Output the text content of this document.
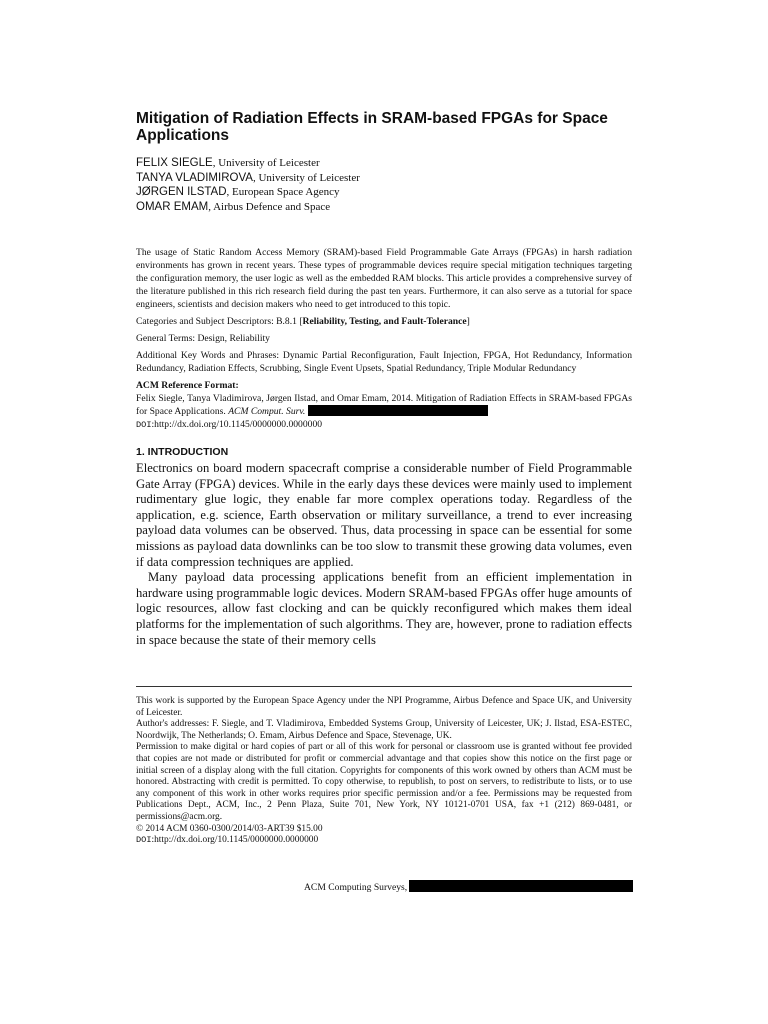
Mitigation of Radiation Effects in SRAM-based FPGAs for Space Applications
FELIX SIEGLE, University of Leicester
TANYA VLADIMIROVA, University of Leicester
JØRGEN ILSTAD, European Space Agency
OMAR EMAM, Airbus Defence and Space

The usage of Static Random Access Memory (SRAM)-based Field Programmable Gate Arrays (FPGAs) in harsh radiation environments has grown in recent years. These types of programmable devices require special mitigation techniques targeting the configuration memory, the user logic as well as the embedded RAM blocks. This article provides a comprehensive survey of the literature published in this rich research field during the past ten years. Furthermore, it can also serve as a tutorial for space engineers, scientists and decision makers who need to get introduced to this topic.

Categories and Subject Descriptors: B.8.1 [Reliability, Testing, and Fault-Tolerance]

General Terms: Design, Reliability

Additional Key Words and Phrases: Dynamic Partial Reconfiguration, Fault Injection, FPGA, Hot Redundancy, Information Redundancy, Radiation Effects, Scrubbing, Single Event Upsets, Spatial Redundancy, Triple Modular Redundancy

ACM Reference Format:

Felix Siegle, Tanya Vladimirova, Jørgen Ilstad, and Omar Emam, 2014. Mitigation of Radiation Effects in SRAM-based FPGAs for Space Applications. ACM Comput. Surv.

DOI:http://dx.doi.org/10.1145/0000000.0000000
1. INTRODUCTION

Electronics on board modern spacecraft comprise a considerable number of Field Programmable Gate Array (FPGA) devices. While in the early days these devices were mainly used to implement rudimentary glue logic, they enable far more complex operations today. Regardless of the application, e.g. science, Earth observation or military surveillance, a trend to ever increasing payload data volumes can be observed. Thus, data processing in space can be essential for some missions as payload data downlinks can be too slow to transmit these growing data volumes, even if data compression techniques are applied.

Many payload data processing applications benefit from an efficient implementation in hardware using programmable logic devices. Modern SRAM-based FPGAs offer huge amounts of logic resources, allow fast clocking and can be quickly reconfigured which makes them ideal platforms for the implementation of such algorithms. They are, however, prone to radiation effects in space because the state of their memory cells

This work is supported by the European Space Agency under the NPI Programme, Airbus Defence and Space UK, and University of Leicester.

Author's addresses: F. Siegle, and T. Vladimirova, Embedded Systems Group, University of Leicester, UK; J. Ilstad, ESA-ESTEC, Noordwijk, The Netherlands; O. Emam, Airbus Defence and Space, Stevenage, UK.

Permission to make digital or hard copies of part or all of this work for personal or classroom use is granted without fee provided that copies are not made or distributed for profit or commercial advantage and that copies show this notice on the first page or initial screen of a display along with the full citation. Copyrights for components of this work owned by others than ACM must be honored. Abstracting with credit is permitted. To copy otherwise, to republish, to post on servers, to redistribute to lists, or to use any component of this work in other works requires prior specific permission and/or a fee. Permissions may be requested from Publications Dept., ACM, Inc., 2 Penn Plaza, Suite 701, New York, NY 10121-0701 USA, fax +1 (212) 869-0481, or permissions@acm.org.

© 2014 ACM 0360-0300/2014/03-ART39 $15.00

DOI:http://dx.doi.org/10.1145/0000000.0000000

ACM Computing Surveys,
